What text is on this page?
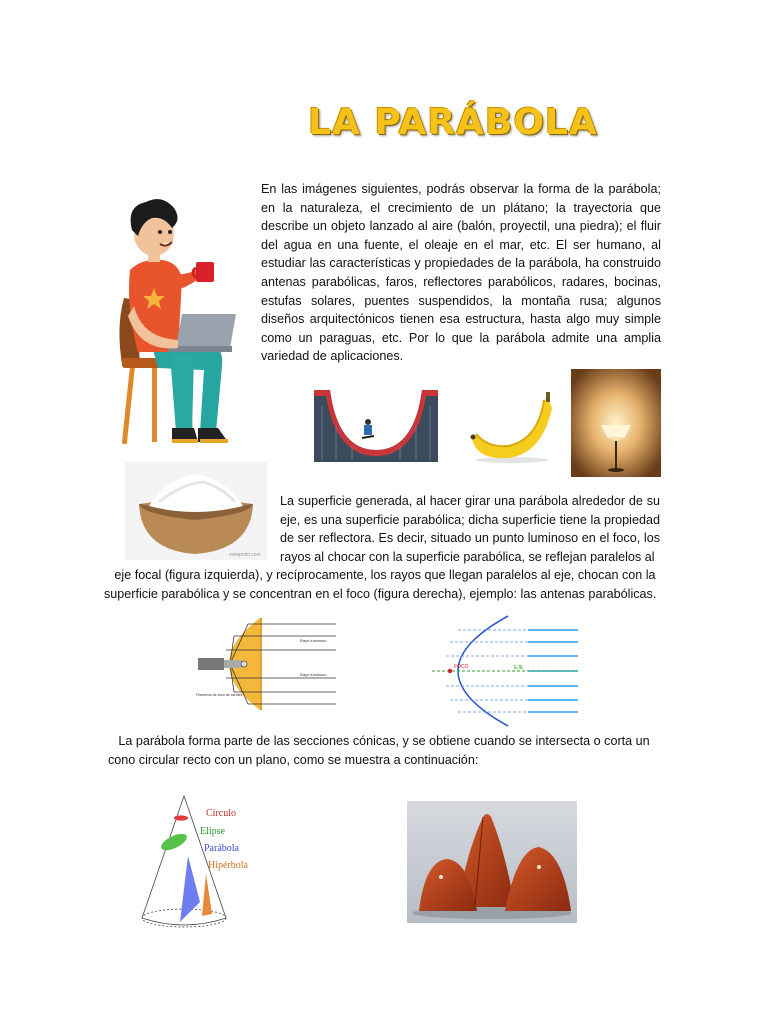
LA PARÁBOLA
En las imágenes siguientes, podrás observar la forma de la parábola; en la naturaleza, el crecimiento de un plátano; la trayectoria que describe un objeto lanzado al aire (balón, proyectil, una piedra); el fluir del agua en una fuente, el oleaje en el mar, etc. El ser humano, al estudiar las características y propiedades de la parábola, ha construido antenas parabólicas, faros, reflectores parabólicos, radares, bocinas, estufas solares, puentes suspendidos, la montaña rusa; algunos diseños arquitectónicos tienen esa estructura, hasta algo muy simple como un paraguas, etc. Por lo que la parábola admite una amplia variedad de aplicaciones.
viewpoint.com
La superficie generada, al hacer girar una parábola alrededor de su eje, es una superficie parabólica; dicha superficie tiene la propiedad de ser reflectora. Es decir, situado un punto luminoso en el foco, los rayos al chocar con la superficie parabólica, se reflejan paralelos al
eje focal (figura izquierda), y recíprocamente, los rayos que llegan paralelos al eje, chocan con la superficie parabólica y se concentran en el foco (figura derecha), ejemplo: las antenas parabólicas.
Rayo luminoso
Rayo luminoso
Filamento de arco de carriles
FOCO	EJE
La parábola forma parte de las secciones cónicas, y se obtiene cuando se intersecta o corta un cono circular recto con un plano, como se muestra a continuación:
Círculo
Elipse
Parábola
Hipérbola
